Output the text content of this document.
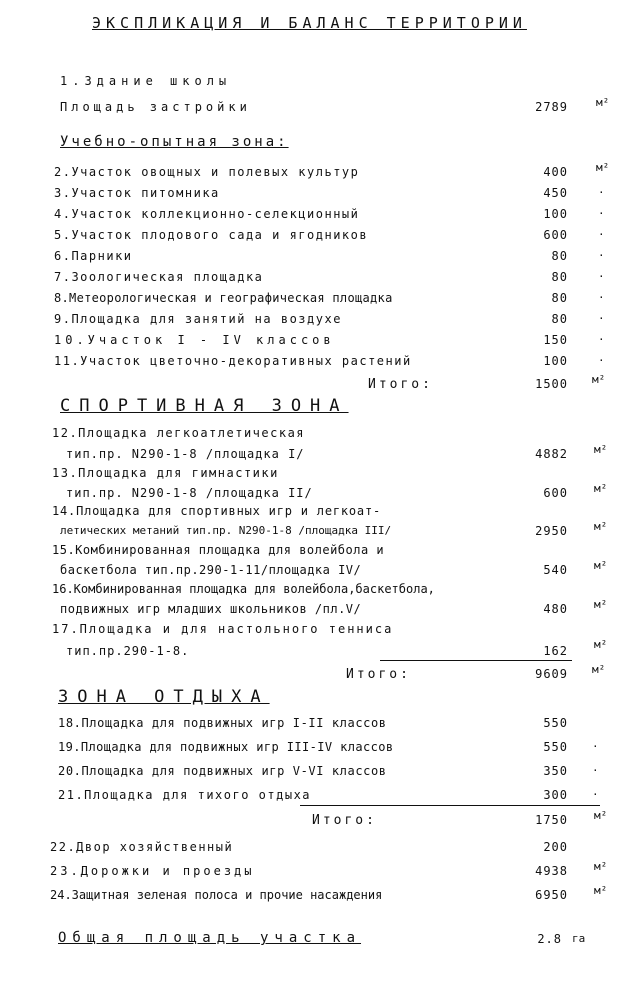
ЭКСПЛИКАЦИЯ И БАЛАНС ТЕРРИТОРИИ
1.Здание школы
Площадь застройки	2789	м²
Учебно-опытная зона:
2.Участок овощных и полевых культур	400	м²
3.Участок питомника	450	·
4.Участок коллекционно-селекционный	100	·
5.Участок плодового сада и ягодников	600	·
6.Парники	80	·
7.Зоологическая площадка	80	·
8.Метеорологическая и географическая площадка	80	·
9.Площадка для занятий на воздухе	80	·
10.Участок I - IV классов	150	·
11.Участок цветочно-декоративных растений	100	·
Итого:	1500 м²
СПОРТИВНАЯ ЗОНА
12.Площадка легкоатлетическая
тип.пр. N290-1-8 /площадка I/	4882 м²
13.Площадка для гимнастики
тип.пр. N290-1-8 /площадка II/	600 м²
14.Площадка для спортивных игр и легкоат-
летических метаний тип.пр. N290-1-8 /площадка III/	2950 м²
15.Комбинированная площадка для волейбола и
баскетбола тип.пр.290-1-11/площадка IV/	540 м²
16.Комбинированная площадка для волейбола,баскетбола,
подвижных игр младших школьников /пл.V/	480 м²
17.Площадка и для настольного тенниса
тип.пр.290-1-8.	162 м²
Итого:	9609 м²
ЗОНА ОТДЫХА
18.Площадка для подвижных игр I-II классов	550
19.Площадка для подвижных игр III-IV классов	550 ·
20.Площадка для подвижных игр V-VI классов	350 ·
21.Площадка для тихого отдыха	300 ·
Итого:	1750 м²
22.Двор хозяйственный	200
23.Дорожки и проезды	4938 м²
24.Защитная зеленая полоса и прочие насаждения	6950 м²
Общая площадь участка	2.8 га
